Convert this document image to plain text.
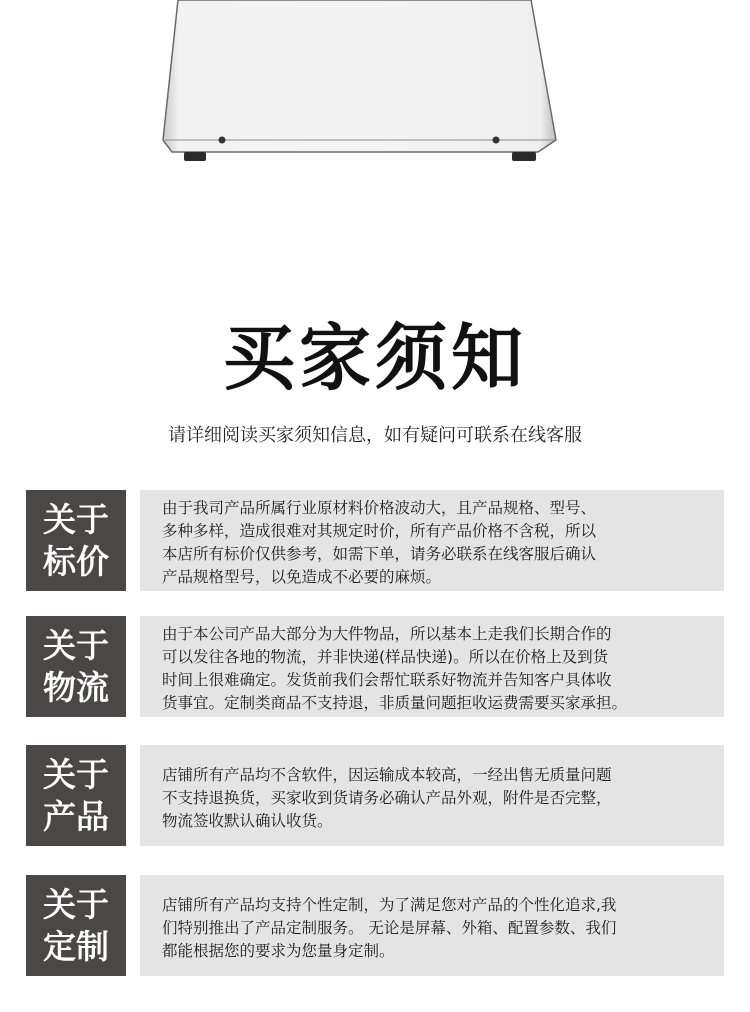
买家须知
请详细阅读买家须知信息，如有疑问可联系在线客服
关于
标价
由于我司产品所属行业原材料价格波动大，且产品规格、型号、
多种多样，造成很难对其规定时价，所有产品价格不含税，所以
本店所有标价仅供参考，如需下单，请务必联系在线客服后确认
产品规格型号，以免造成不必要的麻烦。
关于
物流
由于本公司产品大部分为大件物品，所以基本上走我们长期合作的
可以发往各地的物流，并非快递(样品快递)。所以在价格上及到货
时间上很难确定。发货前我们会帮忙联系好物流并告知客户具体收
货事宜。定制类商品不支持退，非质量问题拒收运费需要买家承担。
关于
产品
店铺所有产品均不含软件，因运输成本较高，一经出售无质量问题
不支持退换货，买家收到货请务必确认产品外观，附件是否完整，
物流签收默认确认收货。
关于
定制
店铺所有产品均支持个性定制，为了满足您对产品的个性化追求,我
们特别推出了产品定制服务。 无论是屏幕、外箱、配置参数、我们
都能根据您的要求为您量身定制。
